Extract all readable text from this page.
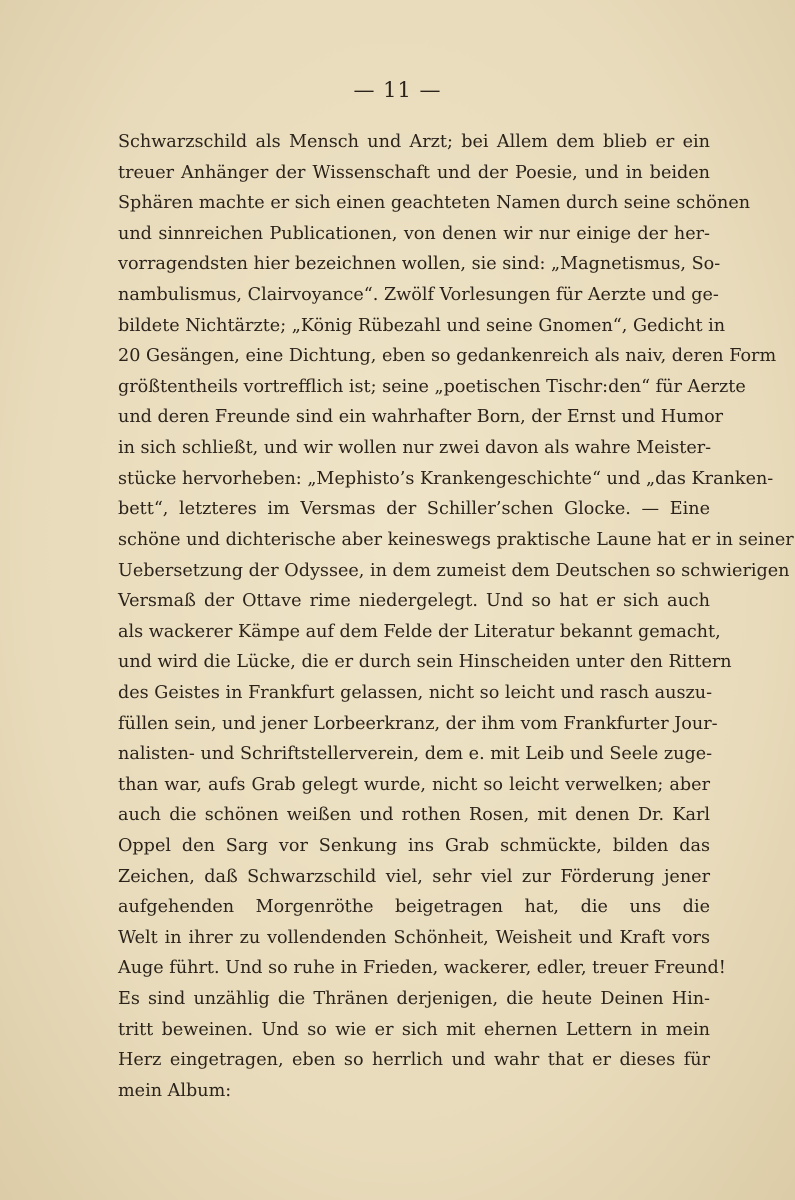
— 11 —
Schwarzschild als Mensch und Arzt; bei Allem dem blieb er ein
treuer Anhänger der Wissenschaft und der Poesie, und in beiden
Sphären machte er sich einen geachteten Namen durch seine schönen
und sinnreichen Publicationen, von denen wir nur einige der her-
vorragendsten hier bezeichnen wollen, sie sind: „Magnetismus, So-
nambulismus, Clairvoyance“. Zwölf Vorlesungen für Aerzte und ge-
bildete Nichtärzte; „König Rübezahl und seine Gnomen“, Gedicht in
20 Gesängen, eine Dichtung, eben so gedankenreich als naiv, deren Form
größtentheils vortrefflich ist; seine „poetischen Tischr:den“ für Aerzte
und deren Freunde sind ein wahrhafter Born, der Ernst und Humor
in sich schließt, und wir wollen nur zwei davon als wahre Meister-
stücke hervorheben: „Mephisto’s Krankengeschichte“ und „das Kranken-
bett“, letzteres im Versmas der Schiller’schen Glocke. — Eine
schöne und dichterische aber keineswegs praktische Laune hat er in seiner
Uebersetzung der Odyssee, in dem zumeist dem Deutschen so schwierigen
Versmaß der Ottave rime niedergelegt. Und so hat er sich auch
als wackerer Kämpe auf dem Felde der Literatur bekannt gemacht,
und wird die Lücke, die er durch sein Hinscheiden unter den Rittern
des Geistes in Frankfurt gelassen, nicht so leicht und rasch auszu-
füllen sein, und jener Lorbeerkranz, der ihm vom Frankfurter Jour-
nalisten- und Schriftstellerverein, dem e. mit Leib und Seele zuge-
than war, aufs Grab gelegt wurde, nicht so leicht verwelken; aber
auch die schönen weißen und rothen Rosen, mit denen Dr. Karl
Oppel den Sarg vor Senkung ins Grab schmückte, bilden das
Zeichen, daß Schwarzschild viel, sehr viel zur Förderung jener
aufgehenden Morgenröthe beigetragen hat, die uns die
Welt in ihrer zu vollendenden Schönheit, Weisheit und Kraft vors
Auge führt. Und so ruhe in Frieden, wackerer, edler, treuer Freund!
Es sind unzählig die Thränen derjenigen, die heute Deinen Hin-
tritt beweinen. Und so wie er sich mit ehernen Lettern in mein
Herz eingetragen, eben so herrlich und wahr that er dieses für
mein Album:
